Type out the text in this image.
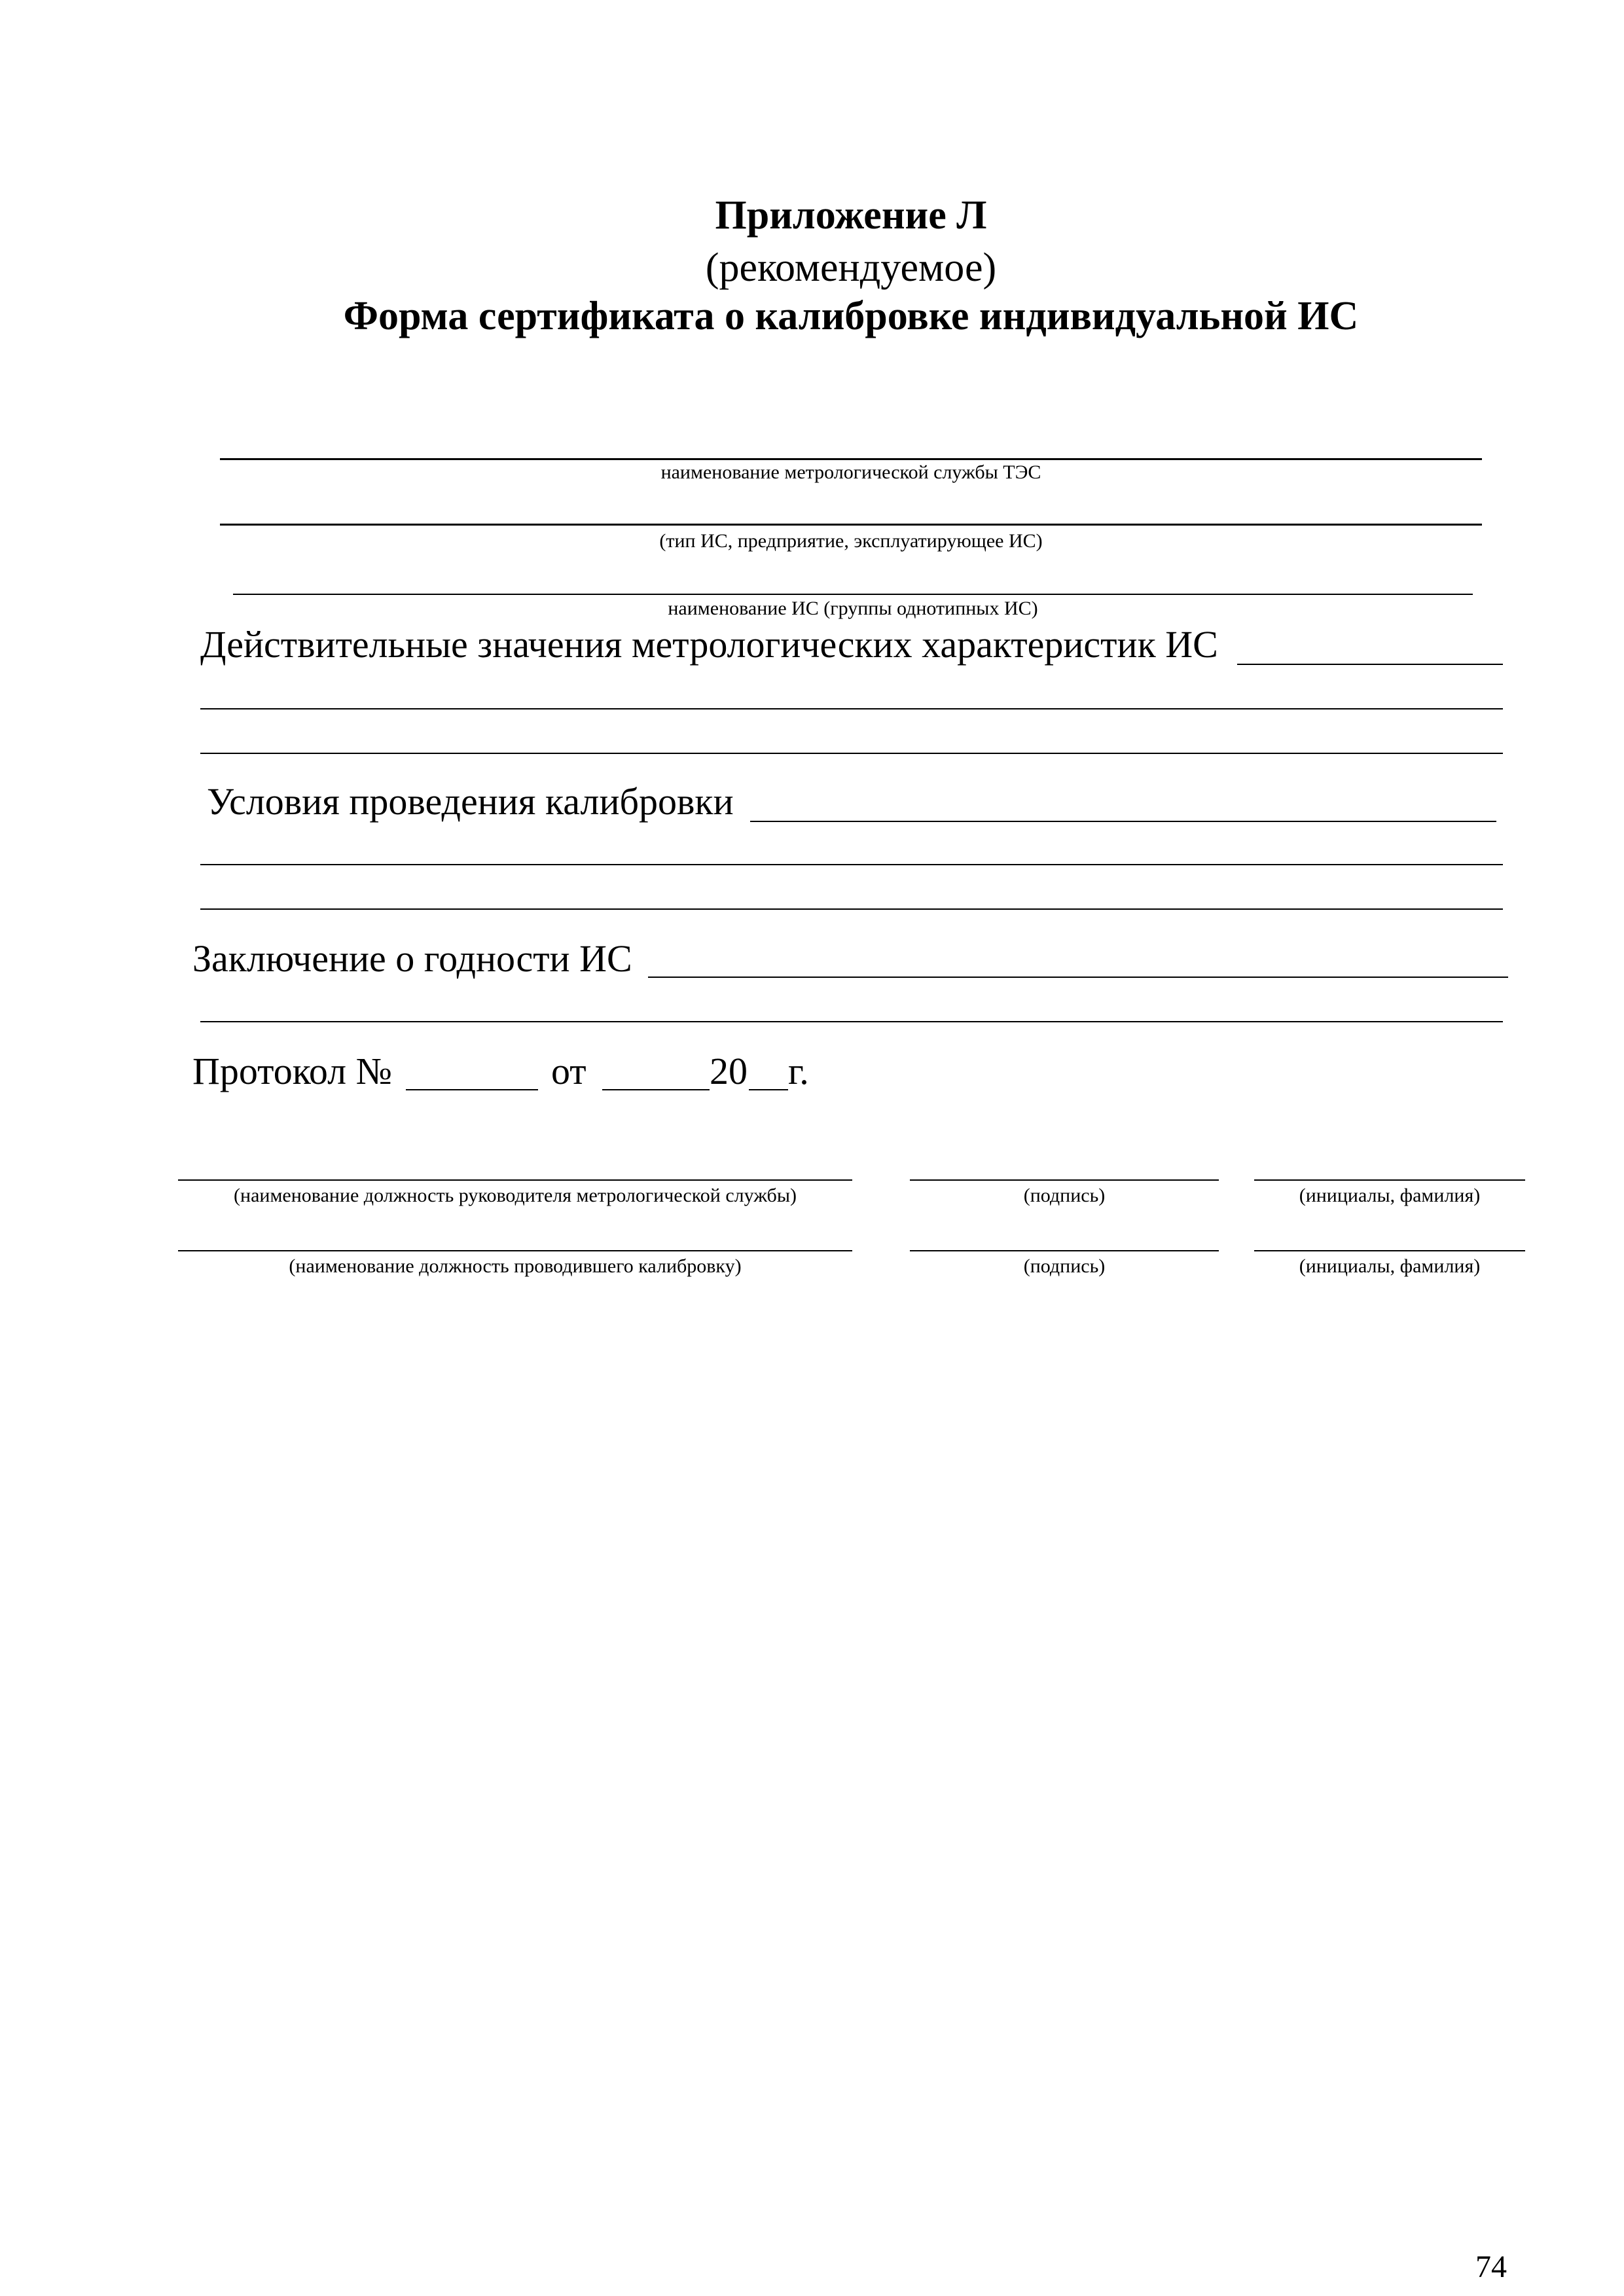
Приложение Л
(рекомендуемое)
Форма сертификата о калибровке индивидуальной ИС
наименование метрологической службы ТЭС
(тип ИС, предприятие, эксплуатирующее ИС)
наименование ИС (группы однотипных ИС)
Действительные значения метрологических характеристик ИС
Условия проведения калибровки
Заключение о годности ИС
Протокол №	от	20 г.
(наименование должность руководителя метрологической службы)	(подпись)	(инициалы, фамилия)
(наименование должность проводившего калибровку)	(подпись)	(инициалы, фамилия)
74
